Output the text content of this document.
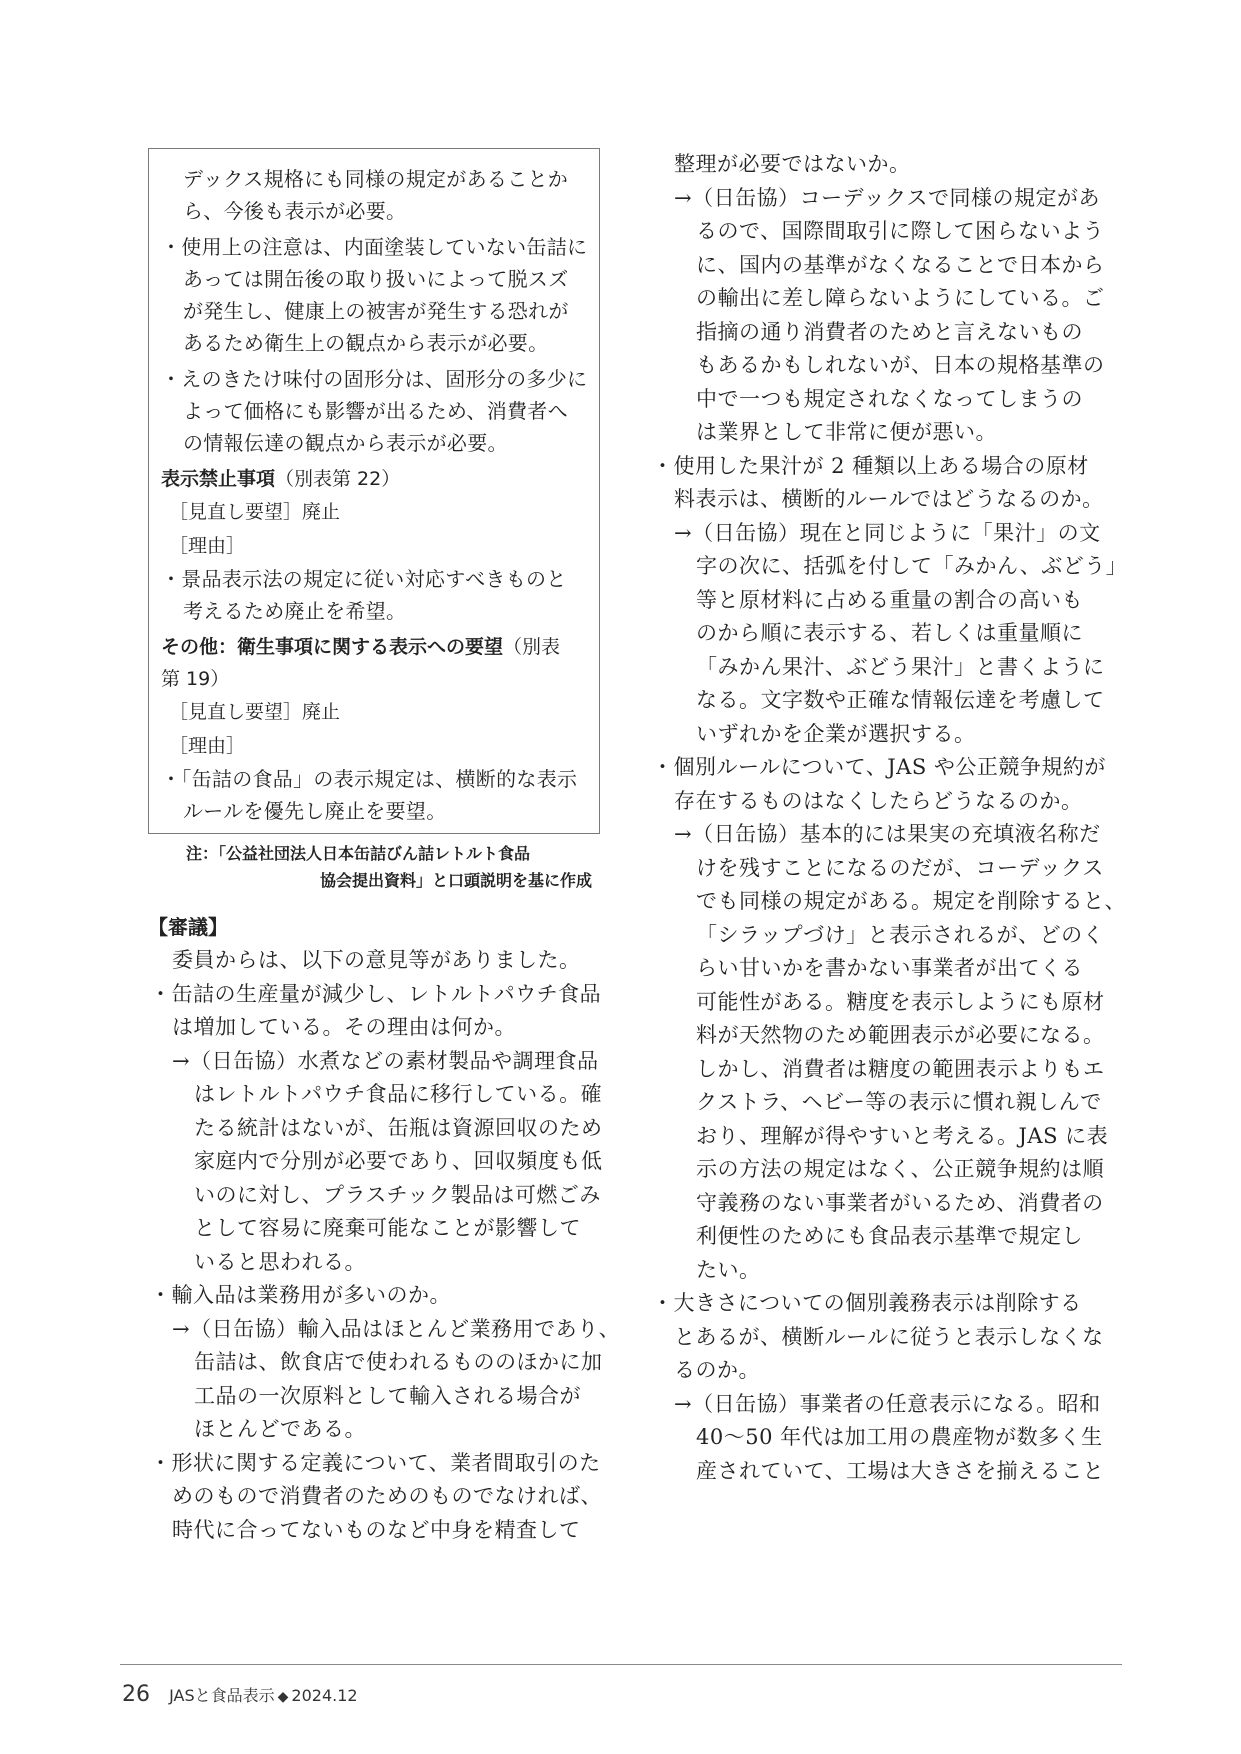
デックス規格にも同様の規定があることか
ら、今後も表示が必要。
・使用上の注意は、内面塗装していない缶詰に
あっては開缶後の取り扱いによって脱スズ
が発生し、健康上の被害が発生する恐れが
あるため衛生上の観点から表示が必要。
・えのきたけ味付の固形分は、固形分の多少に
よって価格にも影響が出るため、消費者へ
の情報伝達の観点から表示が必要。
表示禁止事項（別表第 22）
［見直し要望］廃止
［理由］
・景品表示法の規定に従い対応すべきものと
考えるため廃止を希望。
その他：衛生事項に関する表示への要望（別表
第 19）
［見直し要望］廃止
［理由］
・「缶詰の食品」の表示規定は、横断的な表示
ルールを優先し廃止を要望。
注：「公益社団法人日本缶詰びん詰レトルト食品
協会提出資料」と口頭説明を基に作成
【審議】
委員からは、以下の意見等がありました。
・缶詰の生産量が減少し、レトルトパウチ食品
は増加している。その理由は何か。
→（日缶協）水煮などの素材製品や調理食品
はレトルトパウチ食品に移行している。確
たる統計はないが、缶瓶は資源回収のため
家庭内で分別が必要であり、回収頻度も低
いのに対し、プラスチック製品は可燃ごみ
として容易に廃棄可能なことが影響して
いると思われる。
・輸入品は業務用が多いのか。
→（日缶協）輸入品はほとんど業務用であり、
缶詰は、飲食店で使われるもののほかに加
工品の一次原料として輸入される場合が
ほとんどである。
・形状に関する定義について、業者間取引のた
めのもので消費者のためのものでなければ、
時代に合ってないものなど中身を精査して
整理が必要ではないか。
→（日缶協）コーデックスで同様の規定があ
るので、国際間取引に際して困らないよう
に、国内の基準がなくなることで日本から
の輸出に差し障らないようにしている。ご
指摘の通り消費者のためと言えないもの
もあるかもしれないが、日本の規格基準の
中で一つも規定されなくなってしまうの
は業界として非常に便が悪い。
・使用した果汁が 2 種類以上ある場合の原材
料表示は、横断的ルールではどうなるのか。
→（日缶協）現在と同じように「果汁」の文
字の次に、括弧を付して「みかん、ぶどう」
等と原材料に占める重量の割合の高いも
のから順に表示する、若しくは重量順に
「みかん果汁、ぶどう果汁」と書くように
なる。文字数や正確な情報伝達を考慮して
いずれかを企業が選択する。
・個別ルールについて、JAS や公正競争規約が
存在するものはなくしたらどうなるのか。
→（日缶協）基本的には果実の充填液名称だ
けを残すことになるのだが、コーデックス
でも同様の規定がある。規定を削除すると、
「シラップづけ」と表示されるが、どのく
らい甘いかを書かない事業者が出てくる
可能性がある。糖度を表示しようにも原材
料が天然物のため範囲表示が必要になる。
しかし、消費者は糖度の範囲表示よりもエ
クストラ、ヘビー等の表示に慣れ親しんで
おり、理解が得やすいと考える。JAS に表
示の方法の規定はなく、公正競争規約は順
守義務のない事業者がいるため、消費者の
利便性のためにも食品表示基準で規定し
たい。
・大きさについての個別義務表示は削除する
とあるが、横断ルールに従うと表示しなくな
るのか。
→（日缶協）事業者の任意表示になる。昭和
40〜50 年代は加工用の農産物が数多く生
産されていて、工場は大きさを揃えること
26 JASと食品表示 ◆ 2024.12
